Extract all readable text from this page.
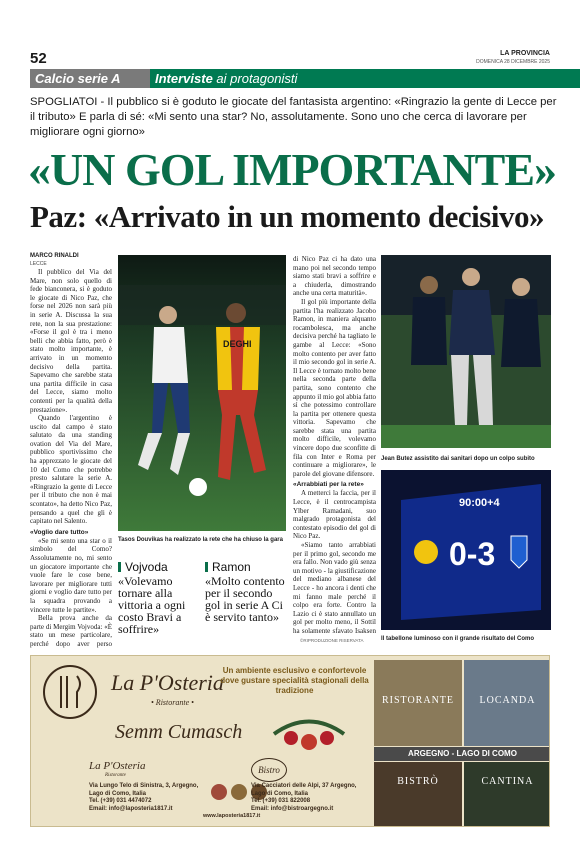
52	LA PROVINCIA
DOMENICA 28 DICEMBRE 2025
Calcio serie A	Interviste ai protagonisti
SPOGLIATOI - Il pubblico si è goduto le giocate del fantasista argentino: «Ringrazio la gente di Lecce per il tributo» E parla di sé: «Mi sento una star? No, assolutamente. Sono uno che cerca di lavorare per migliorare ogni giorno»
«UN GOL IMPORTANTE»
Paz: «Arrivato in un momento decisivo»
MARCO RINALDI
LECCE

Il pubblico del Via del Mare, non solo quello di fede bianconera, si è goduto le giocate di Nico Paz, che forse nel 2026 non sarà più in serie A. Discussa la sua rete, non la sua prestazione: «Forse il gol è tra i meno belli che abbia fatto, però è stato molto importante, è arrivato in un momento decisivo della partita. Sapevamo che sarebbe stata una partita difficile in casa del Lecce, siamo molto contenti per la qualità della prestazione».

Quando l'argentino è uscito dal campo è stato salutato da una standing ovation del Via del Mare, pubblico sportivissimo che ha apprezzato le giocate del 10 del Como che potrebbe presto salutare la serie A. «Ringrazio la gente di Lecce per il tributo che non è mai scontato», ha detto Nico Paz, pensando a quel che gli è capitato nel Salento.

«Voglio dare tutto»

«Se mi sento una star o il simbolo del Como? Assolutamente no, mi sento un giocatore importante che vuole fare le cose bene, lavorare per migliorare tutti giorni e voglio dare tutto per la squadra provando a vincere tutte le partite».

Bella prova anche da parte di Mergim Vojvoda: «È stato un mese particolare, perché dopo aver perso

DEGHI
Tasos Douvikas ha realizzato la rete che ha chiuso la gara
Vojvoda
«Volevamo tornare alla vittoria a ogni costo Bravi a soffrire»
Ramon
«Molto contento per il secondo gol in serie A Ci è servito tanto»

di Nico Paz ci ha dato una mano poi nel secondo tempo siamo stati bravi a soffrire e a chiuderla, dimostrando anche una certa maturità».

Il gol più importante della partita l'ha realizzato Jacobo Ramon, in maniera alquanto rocambolesca, ma anche decisiva perché ha tagliato le gambe al Lecce: «Sono molto contento per aver fatto il mio secondo gol in serie A. Il Lecce è tornato molto bene nella seconda parte della partita, sono contento che appunto il mio gol abbia fatto sì che potessimo controllare la partita per ottenere questa vittoria. Sapevamo che sarebbe stata una partita molto difficile, volevamo vincere dopo due sconfitte di fila con Inter e Roma per continuare a migliorare», le parole del giovane difensore.

«Arrabbiati per la rete»

A metterci la faccia, per il Lecce, è il centrocampista Ylber Ramadani, suo malgrado protagonista del contestato episodio del gol di Nico Paz.

«Siamo tanto arrabbiati per il primo gol, secondo me era fallo. Non vado giù senza un motivo - la giustificazione del mediano albanese del Lecce - ho ancora i denti che mi fanno male perché il colpo era forte. Contro la Lazio ci è stato annullato un gol per molto meno, il Sottil ha solamente sfavato Isaksen

©RIPRODUZIONE RISERVATA
Jean Butez assistito dai sanitari dopo un colpo subito
90:00+4
0-3
Il tabellone luminoso con il grande risultato del Como
La P'Osteria
• Ristorante •
Un ambiente esclusivo e confortevole dove gustare specialità stagionali della tradizione
Semm Cumasch
La P'Osteria
Ristorante
Bistro
Via Lungo Telo di Sinistra, 3, Argegno, Lago di Como, Italia
Tel. (+39) 031 4474072
Email: info@laposteria1817.it
www.laposteria1817.it
Via Cacciatori delle Alpi, 37 Argegno, Lago di Como, Italia
Tel. (+39) 031 822008
Email: info@bistroargegno.it
RISTORANTE	LOCANDA
ARGEGNO - LAGO DI COMO
BISTRÒ	CANTINA
